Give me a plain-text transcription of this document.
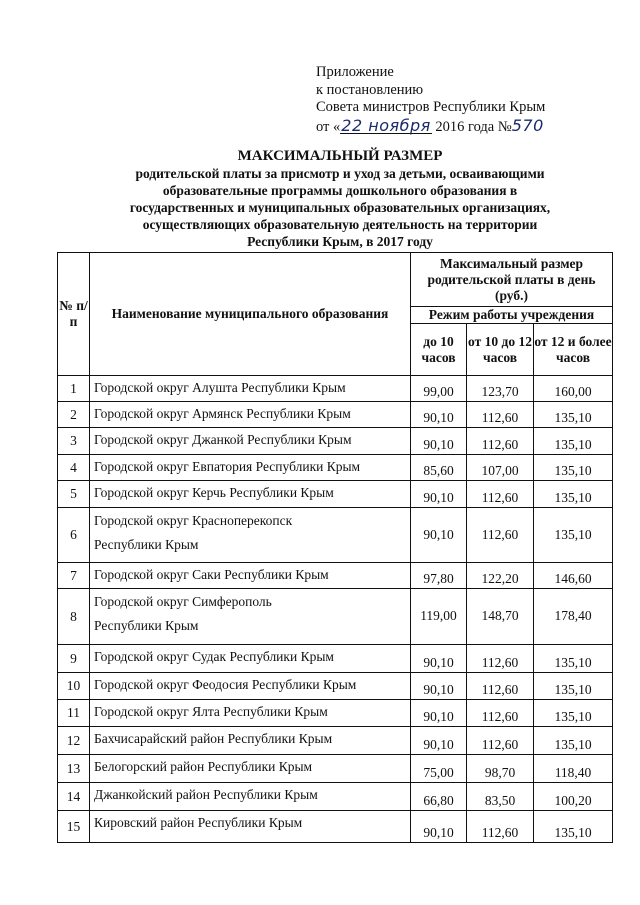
Приложение
к постановлению
Совета министров Республики Крым
от «22 ноября 2016 года №570
МАКСИМАЛЬНЫЙ РАЗМЕР
родительской платы за присмотр и уход за детьми, осваивающими
образовательные программы дошкольного образования в
государственных и муниципальных образовательных организациях,
осуществляющих образовательную деятельность на территории
Республики Крым, в 2017 году
№ п/п	Наименование муниципального образования	Максимальный размер родительской платы в день (руб.)		
		Режим работы учреждения		
		до 10 часов	от 10 до 12 часов	от 12 и более часов
1	Городской округ Алушта Республики Крым	99,00	123,70	160,00
2	Городской округ Армянск Республики Крым	90,10	112,60	135,10
3	Городской округ Джанкой Республики Крым	90,10	112,60	135,10
4	Городской округ Евпатория Республики Крым	85,60	107,00	135,10
5	Городской округ Керчь Республики Крым	90,10	112,60	135,10
6	Городской округ Красноперекопск
Республики Крым	90,10	112,60	135,10
7	Городской округ Саки Республики Крым	97,80	122,20	146,60
8	Городской округ Симферополь
Республики Крым	119,00	148,70	178,40
9	Городской округ Судак Республики Крым	90,10	112,60	135,10
10	Городской округ Феодосия Республики Крым	90,10	112,60	135,10
11	Городской округ Ялта Республики Крым	90,10	112,60	135,10
12	Бахчисарайский район Республики Крым	90,10	112,60	135,10
13	Белогорский район Республики Крым	75,00	98,70	118,40
14	Джанкойский район Республики Крым	66,80	83,50	100,20
15	Кировский район Республики Крым	90,10	112,60	135,10
